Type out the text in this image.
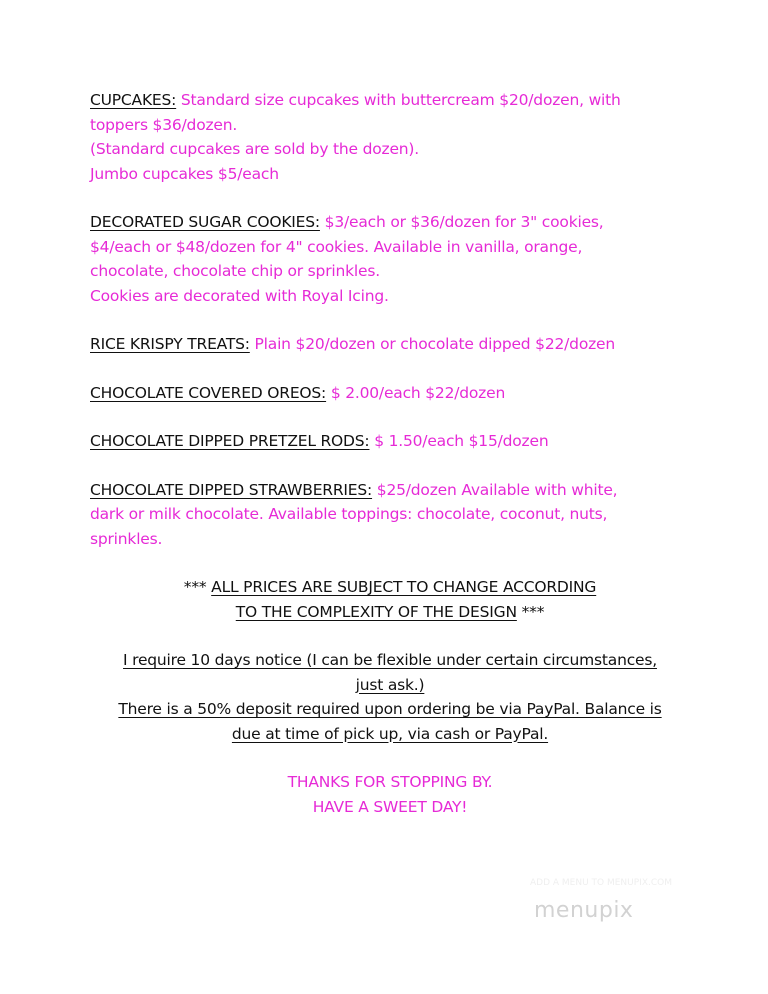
CUPCAKES: Standard size cupcakes with buttercream $20/dozen, with
toppers $36/dozen.
(Standard cupcakes are sold by the dozen).
Jumbo cupcakes $5/each
DECORATED SUGAR COOKIES: $3/each or $36/dozen for 3" cookies,
$4/each or $48/dozen for 4" cookies. Available in vanilla, orange,
chocolate, chocolate chip or sprinkles.
Cookies are decorated with Royal Icing.
RICE KRISPY TREATS: Plain $20/dozen or chocolate dipped $22/dozen
CHOCOLATE COVERED OREOS: $ 2.00/each $22/dozen
CHOCOLATE DIPPED PRETZEL RODS: $ 1.50/each $15/dozen
CHOCOLATE DIPPED STRAWBERRIES: $25/dozen Available with white,
dark or milk chocolate. Available toppings: chocolate, coconut, nuts,
sprinkles.
*** ALL PRICES ARE SUBJECT TO CHANGE ACCORDING
TO THE COMPLEXITY OF THE DESIGN ***
I require 10 days notice (I can be flexible under certain circumstances,
just ask.)
There is a 50% deposit required upon ordering be via PayPal. Balance is
due at time of pick up, via cash or PayPal.
THANKS FOR STOPPING BY.
HAVE A SWEET DAY!
ADD A MENU TO MENUPIX.COM
menupix
